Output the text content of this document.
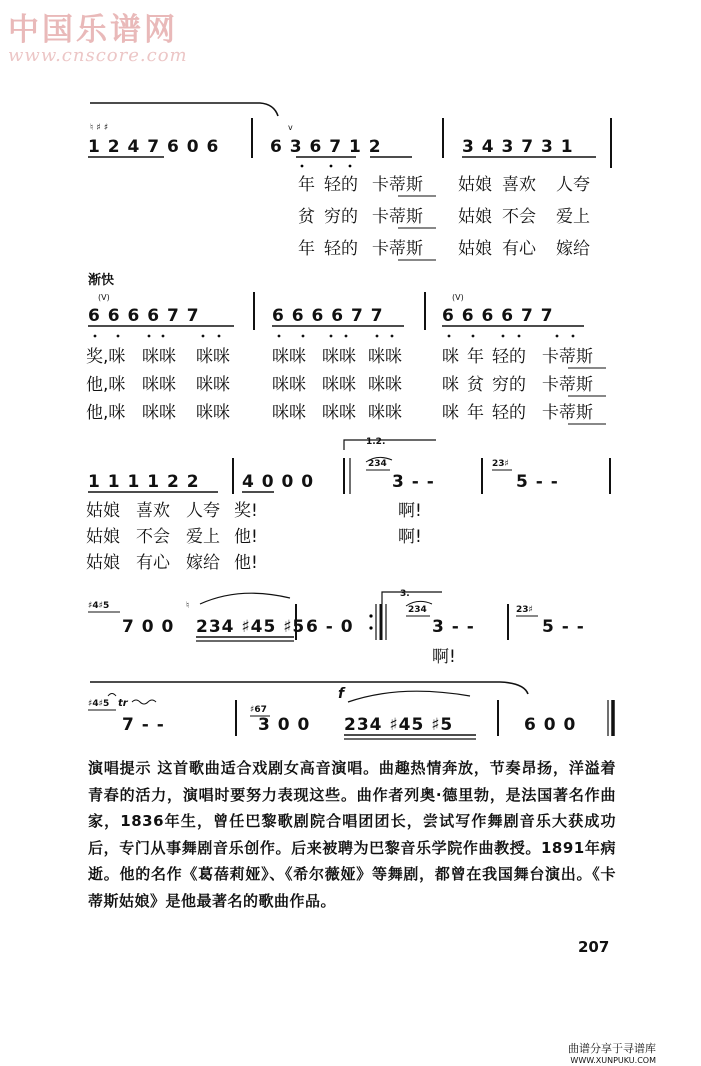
中国乐谱网
www.cnscore.com
♮ ♯ ♯
1 2 4 7 6 0 6
v
6 3 6 7 1 2	3 4 3 7 3 1
年 轻的 卡蒂斯 姑娘 喜欢 人夸
贫 穷的 卡蒂斯 姑娘 不会 爱上
年 轻的 卡蒂斯 姑娘 有心 嫁给
渐快
(V)	(V)
6 6 6 6 7 7	6 6 6 6 7 7	6 6 6 6 7 7
奖,咪 咪咪 咪咪 咪咪 咪咪 咪咪 咪 年 轻的 卡蒂斯
他,咪 咪咪 咪咪 咪咪 咪咪 咪咪 咪 贫 穷的 卡蒂斯
他,咪 咪咪 咪咪 咪咪 咪咪 咪咪 咪 年 轻的 卡蒂斯
1.2.
1 1 1 1 2 2 4 0 0 0
234
3 - -
23♯
5 - -
姑娘 喜欢 人夸 奖!	啊!
姑娘 不会 爱上 他!	啊!
姑娘 有心 嫁给 他!
3.
♯4♯5
7 0 0
♮
234 ♯45 ♯5 6 - 0
234
3 - -
23♯
5 - -
啊!
♯4♯5 tr
7 - -
♯67
f
3 0 0 234 ♯45 ♯5	6 0 0
演唱提示 这首歌曲适合戏剧女高音演唱。曲趣热情奔放，节奏昂扬，洋溢着青春的活力，演唱时要努力表现这些。曲作者列奥·德里勃，是法国著名作曲家，1836年生，曾任巴黎歌剧院合唱团团长，尝试写作舞剧音乐大获成功后，专门从事舞剧音乐创作。后来被聘为巴黎音乐学院作曲教授。1891年病逝。他的名作《葛蓓莉娅》、《希尔薇娅》等舞剧，都曾在我国舞台演出。《卡蒂斯姑娘》是他最著名的歌曲作品。
207
曲谱分享于寻谱库
WWW.XUNPUKU.COM
